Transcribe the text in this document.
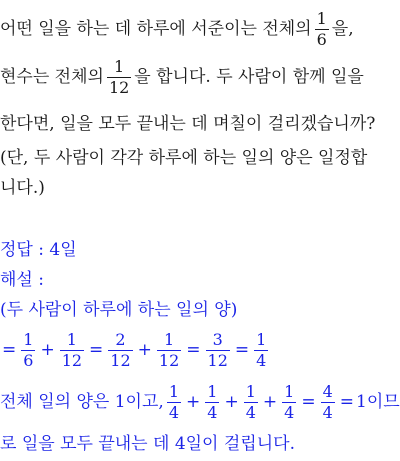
어떤 일을 하는 데 하루에 서준이는 전체의 $\frac{1}{6}$ 을,
현수는 전체의 $\frac{1}{12}$ 을 합니다. 두 사람이 함께 일을
한다면, 일을 모두 끝내는 데 며칠이 걸리겠습니까?
(단, 두 사람이 각각 하루에 하는 일의 양은 일정합
니다.)
정답 : 4일
해설 :
(두 사람이 하루에 하는 일의 양)
= $\frac{1}{6} + \frac{1}{12} = \frac{2}{12} + \frac{1}{12} = \frac{3}{12} = \frac{1}{4}$
전체 일의 양은 1이고, $\frac{1}{4} + \frac{1}{4} + \frac{1}{4} + \frac{1}{4} = \frac{4}{4} = 1$이므
로 일을 모두 끝내는 데 4일이 걸립니다.
